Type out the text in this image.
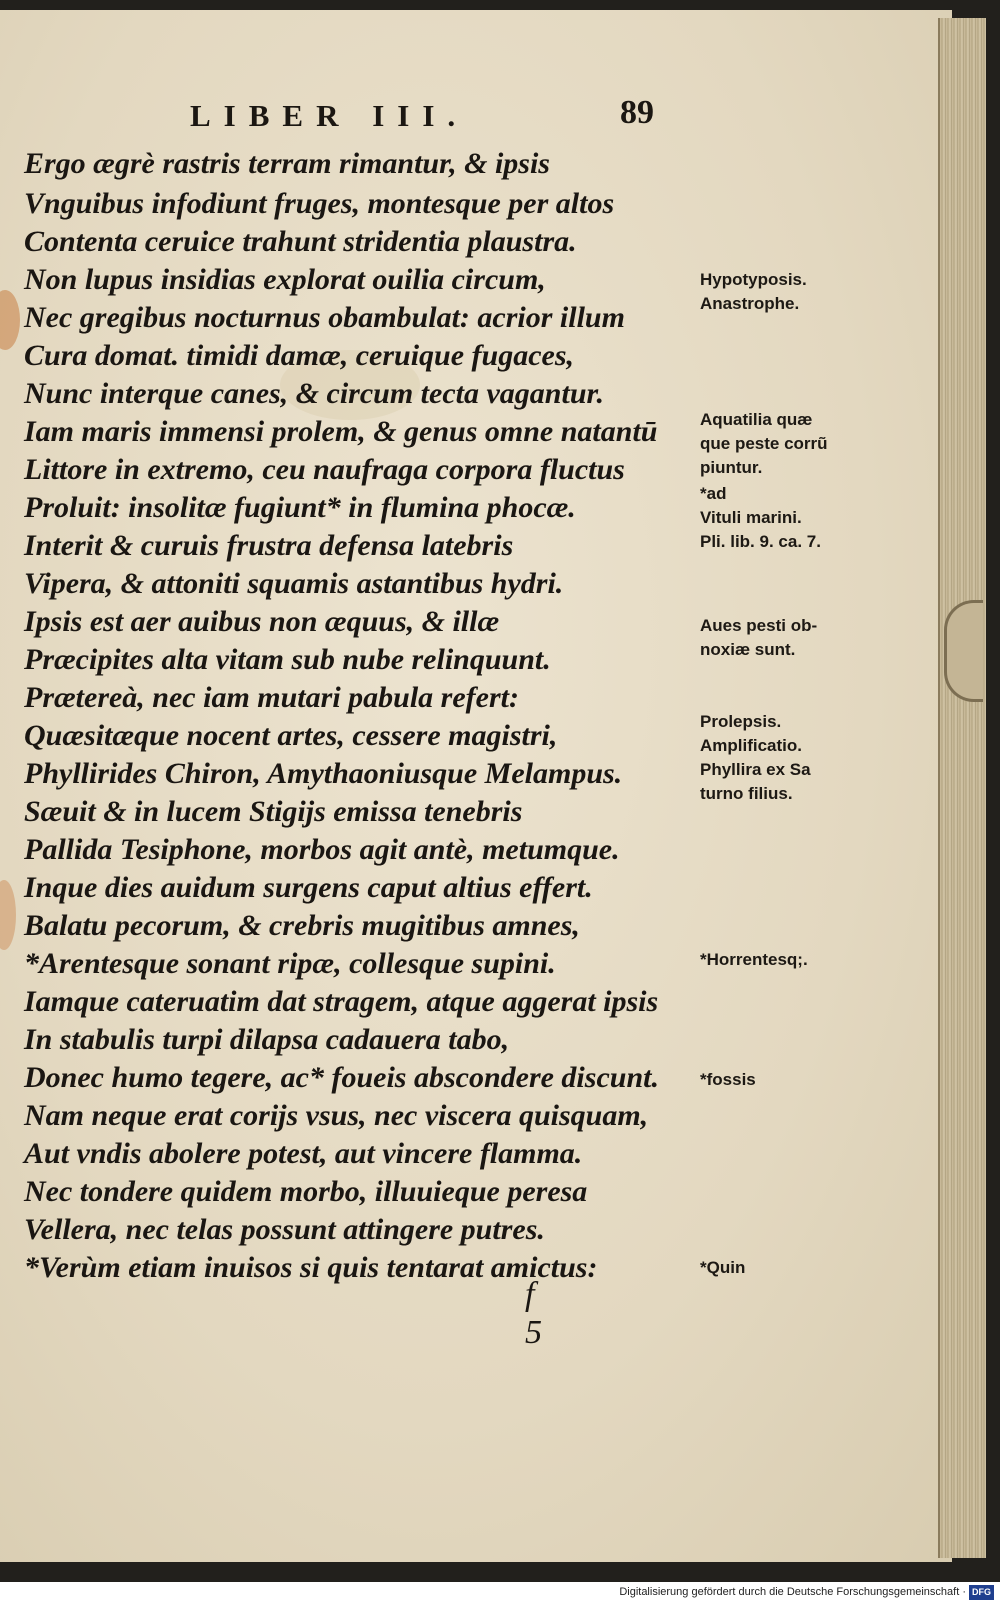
LIBER III.	89
Ergo ægrè rastris terram rimantur, & ipsis
Vnguibus infodiunt fruges, montesque per altos
Contenta ceruice trahunt stridentia plaustra.
Non lupus insidias explorat ouilia circum,
Nec gregibus nocturnus obambulat: acrior illum
Cura domat. timidi damæ, ceruique fugaces,
Nunc interque canes, & circum tecta vagantur.
Iam maris immensi prolem, & genus omne natantū
Littore in extremo, ceu naufraga corpora fluctus
Proluit: insolitæ fugiunt* in flumina phocæ.
Interit & curuis frustra defensa latebris
Vipera, & attoniti squamis astantibus hydri.
Ipsis est aer auibus non æquus, & illæ
Præcipites alta vitam sub nube relinquunt.
Prætereà, nec iam mutari pabula refert:
Quæsitæque nocent artes, cessere magistri,
Phyllirides Chiron, Amythaoniusque Melampus.
Sæuit & in lucem Stigijs emissa tenebris
Pallida Tesiphone, morbos agit antè, metumque.
Inque dies auidum surgens caput altius effert.
Balatu pecorum, & crebris mugitibus amnes,
*Arentesque sonant ripæ, collesque supini.
Iamque cateruatim dat stragem, atque aggerat ipsis
In stabulis turpi dilapsa cadauera tabo,
Donec humo tegere, ac* foueis abscondere discunt.
Nam neque erat corijs vsus, nec viscera quisquam,
Aut vndis abolere potest, aut vincere flamma.
Nec tondere quidem morbo, illuuieque peresa
Vellera, nec telas possunt attingere putres.
*Verùm etiam inuisos si quis tentarat amictus:
Hypotyposis.
Anastrophe.
Aquatilia quæ
que peste corrũ
piuntur.
*ad
Vituli marini.
Pli. lib. 9. ca. 7.
Aues pesti ob-
noxiæ sunt.
Prolepsis.
Amplificatio.
Phyllira ex Sa
turno filius.
*Horrentesq;.
*fossis
*Quin
f 5
Digitalisierung gefördert durch die Deutsche Forschungsgemeinschaft · DFG
